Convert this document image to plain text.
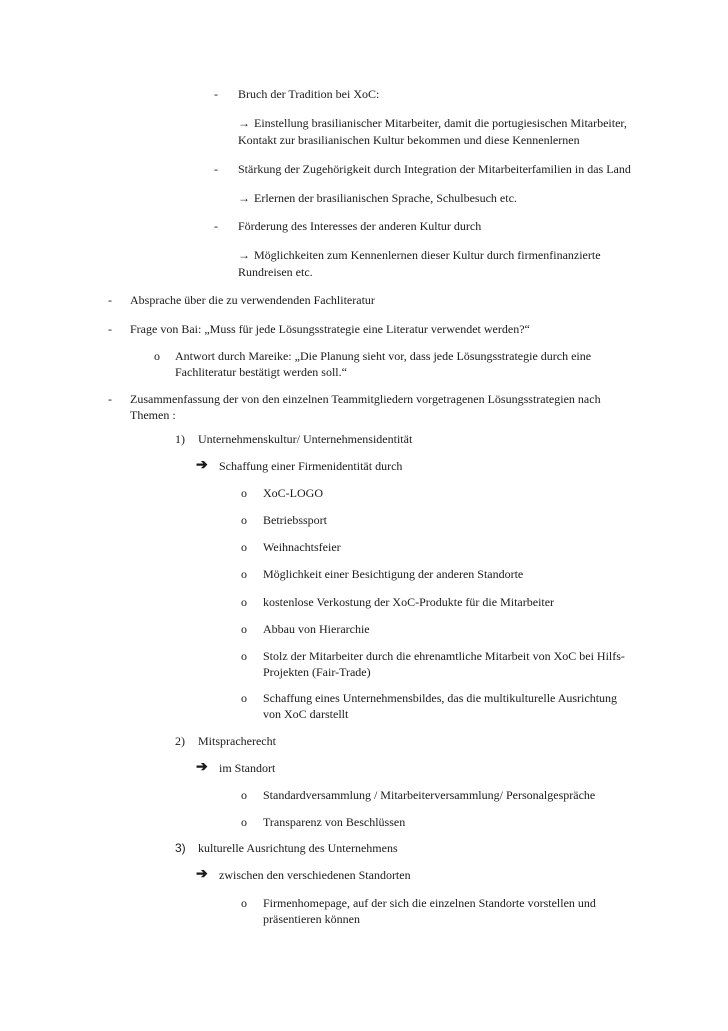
- Bruch der Tradition bei XoC:
→ Einstellung brasilianischer Mitarbeiter, damit die portugiesischen Mitarbeiter,
Kontakt zur brasilianischen Kultur bekommen und diese Kennenlernen
- Stärkung der Zugehörigkeit durch Integration der Mitarbeiterfamilien in das Land
→ Erlernen der brasilianischen Sprache, Schulbesuch etc.
- Förderung des Interesses der anderen Kultur durch
→ Möglichkeiten zum Kennenlernen dieser Kultur durch firmenfinanzierte
Rundreisen etc.
- Absprache über die zu verwendenden Fachliteratur
- Frage von Bai: „Muss für jede Lösungsstrategie eine Literatur verwendet werden?“
o Antwort durch Mareike: „Die Planung sieht vor, dass jede Lösungsstrategie durch eine
Fachliteratur bestätigt werden soll.“
- Zusammenfassung der von den einzelnen Teammitgliedern vorgetragenen Lösungsstrategien nach
Themen :
1) Unternehmenskultur/ Unternehmensidentität
➔ Schaffung einer Firmenidentität durch
o XoC-LOGO
o Betriebssport
o Weihnachtsfeier
o Möglichkeit einer Besichtigung der anderen Standorte
o kostenlose Verkostung der XoC-Produkte für die Mitarbeiter
o Abbau von Hierarchie
o Stolz der Mitarbeiter durch die ehrenamtliche Mitarbeit von XoC bei Hilfs-
Projekten (Fair-Trade)
o Schaffung eines Unternehmensbildes, das die multikulturelle Ausrichtung
von XoC darstellt
2) Mitspracherecht
➔ im Standort
o Standardversammlung / Mitarbeiterversammlung/ Personalgespräche
o Transparenz von Beschlüssen
3) kulturelle Ausrichtung des Unternehmens
➔ zwischen den verschiedenen Standorten
o Firmenhomepage, auf der sich die einzelnen Standorte vorstellen und
präsentieren können
